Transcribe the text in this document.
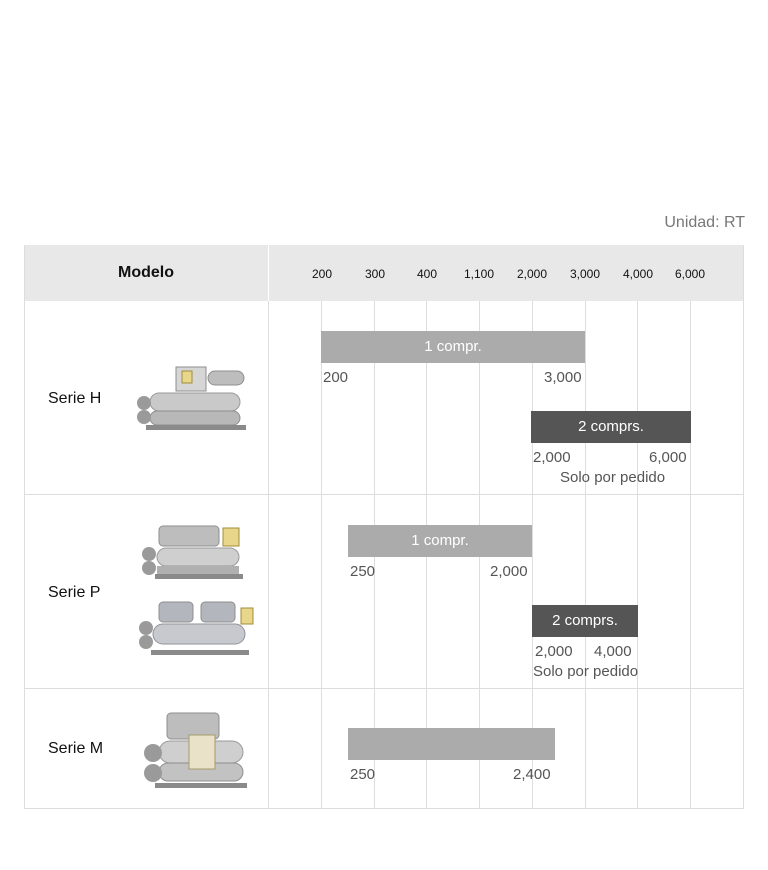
Unidad: RT
Modelo	200	300	400	1,100	2,000	3,000	4,000	6,000
Serie H
1 compr.
200	3,000
2 comprs.
2,000	6,000
Solo por pedido
Serie P
1 compr.
250	2,000
2 comprs.
2,000 4,000
Solo por pedido
Serie M
250	2,400
